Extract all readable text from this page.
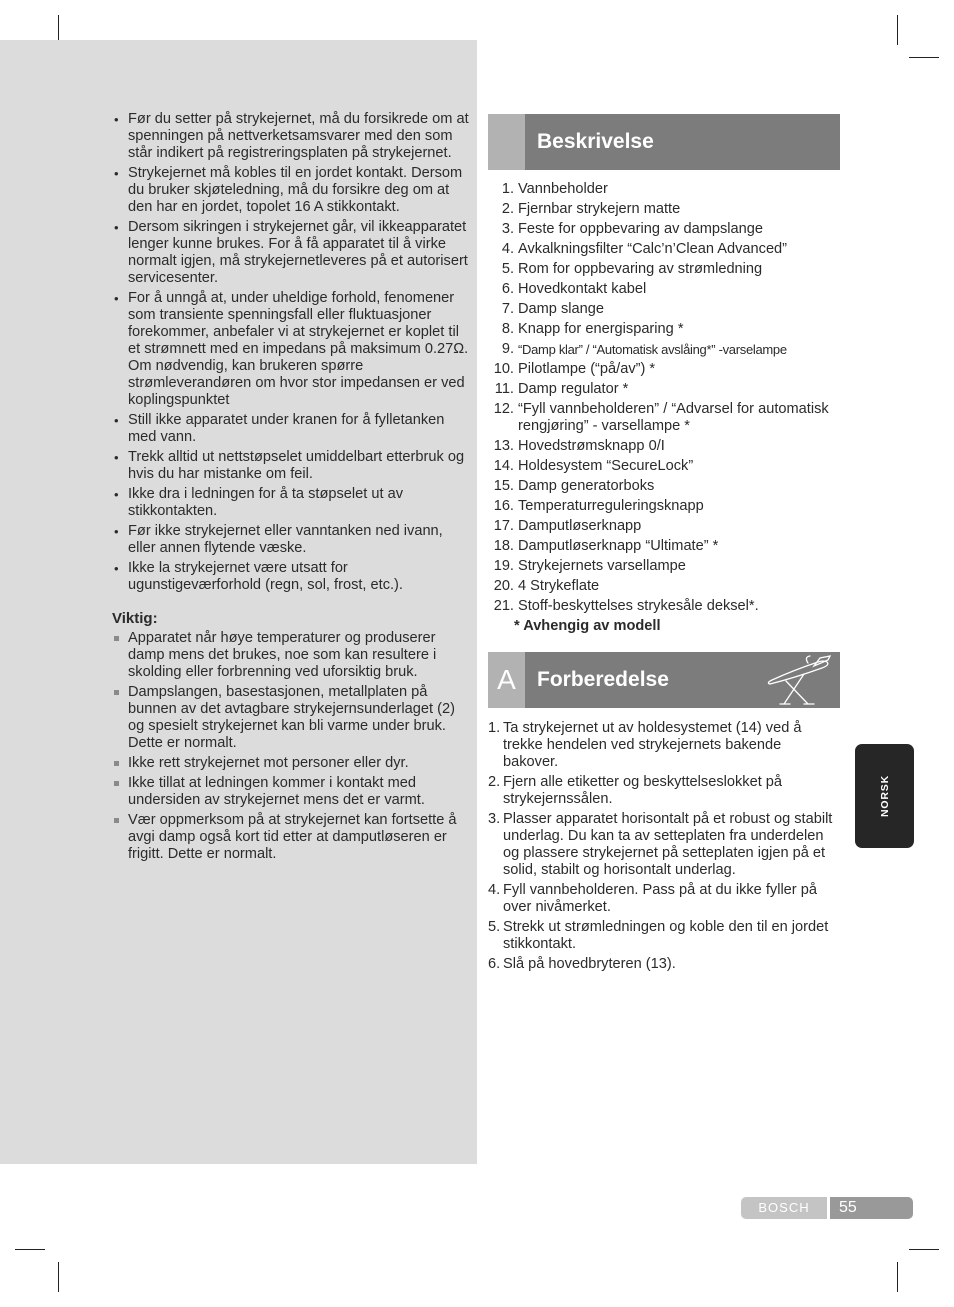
• Før du setter på strykejernet, må du forsikrede om at spenningen på nettverketsamsvarer med den som står indikert på registreringsplaten på strykejernet.
• Strykejernet må kobles til en jordet kontakt. Dersom du bruker skjøteledning, må du forsikre deg om at den har en jordet, topolet 16 A stikkontakt.
• Dersom sikringen i strykejernet går, vil ikkeapparatet lenger kunne brukes. For å få apparatet til å virke normalt igjen, må strykejernetleveres på et autorisert servicesenter.
• For å unngå at, under uheldige forhold, fenomener som transiente spenningsfall eller fluktuasjoner forekommer, anbefaler vi at strykejernet er koplet til et strømnett med en impedans på maksimum 0.27Ω. Om nødvendig, kan brukeren spørre strømleverandøren om hvor stor impedansen er ved koplingspunktet
• Still ikke apparatet under kranen for å fylletanken med vann.
• Trekk alltid ut nettstøpselet umiddelbart etterbruk og hvis du har mistanke om feil.
• Ikke dra i ledningen for å ta støpselet ut av stikkontakten.
• Før ikke strykejernet eller vanntanken ned ivann, eller annen flytende væske.
• Ikke la strykejernet være utsatt for ugunstigeværforhold (regn, sol, frost, etc.).
Viktig:
Apparatet når høye temperaturer og produserer damp mens det brukes, noe som kan resultere i skolding eller forbrenning ved uforsiktig bruk.
Dampslangen, basestasjonen, metallplaten på bunnen av det avtagbare strykejernsunderlaget (2) og spesielt strykejernet kan bli varme under bruk. Dette er normalt.
Ikke rett strykejernet mot personer eller dyr.
Ikke tillat at ledningen kommer i kontakt med undersiden av strykejernet mens det er varmt.
Vær oppmerksom på at strykejernet kan fortsette å avgi damp også kort tid etter at damputløseren er frigitt. Dette er normalt.
Beskrivelse
1. Vannbeholder
2. Fjernbar strykejern matte
3. Feste for oppbevaring av dampslange
4. Avkalkningsfilter “Calc’n’Clean Advanced”
5. Rom for oppbevaring av strømledning
6. Hovedkontakt kabel
7. Damp slange
8. Knapp for energisparing *
9. “Damp klar” / “Automatisk avslåing*” -varselampe
10. Pilotlampe (“på/av”) *
11. Damp regulator *
12. “Fyll vannbeholderen” / “Advarsel for automatisk rengjøring” - varsellampe *
13. Hovedstrømsknapp 0/I
14. Holdesystem “SecureLock”
15. Damp generatorboks
16. Temperaturreguleringsknapp
17. Damputløserknapp
18. Damputløserknapp “Ultimate” *
19. Strykejernets varsellampe
20. 4 Strykeflate
21. Stoff-beskyttelses strykesåle deksel*.
* Avhengig av modell
A	Forberedelse
1. Ta strykejernet ut av holdesystemet (14) ved å trekke hendelen ved strykejernets bakende bakover.
2. Fjern alle etiketter og beskyttelseslokket på strykejernssålen.
3. Plasser apparatet horisontalt på et robust og stabilt underlag. Du kan ta av setteplaten fra underdelen og plassere strykejernet på setteplaten igjen på et solid, stabilt og horisontalt underlag.
4. Fyll vannbeholderen. Pass på at du ikke fyller på over nivåmerket.
5. Strekk ut strømledningen og koble den til en jordet stikkontakt.
6. Slå på hovedbryteren (13).
NORSK
BOSCH	55
